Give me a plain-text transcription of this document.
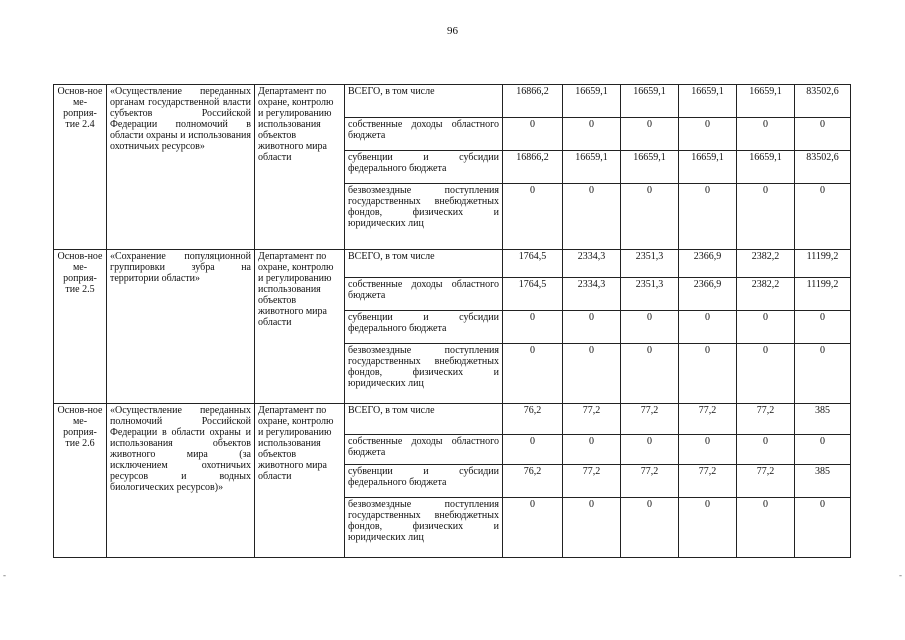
96
Основ-ное ме-роприя-тие 2.4	«Осуществление переданных органам государственной власти субъектов Российской Федерации полномочий в области охраны и использования охотничьих ресурсов»	Департамент по охране, контролю и регулированию использования объектов животного мира области	ВСЕГО, в том числе	16866,2	16659,1	16659,1	16659,1	16659,1	83502,6
			собственные доходы областного бюджета	0	0	0	0	0	0
			субвенции и субсидии федерального бюджета	16866,2	16659,1	16659,1	16659,1	16659,1	83502,6
			безвозмездные поступления государственных внебюджетных фондов, физических и юридических лиц	0	0	0	0	0	0
Основ-ное ме-роприя-тие 2.5	«Сохранение популяционной группировки зубра на территории области»	Департамент по охране, контролю и регулированию использования объектов животного мира области	ВСЕГО, в том числе	1764,5	2334,3	2351,3	2366,9	2382,2	11199,2
			собственные доходы областного бюджета	1764,5	2334,3	2351,3	2366,9	2382,2	11199,2
			субвенции и субсидии федерального бюджета	0	0	0	0	0	0
			безвозмездные поступления государственных внебюджетных фондов, физических и юридических лиц	0	0	0	0	0	0
Основ-ное ме-роприя-тие 2.6	«Осуществление переданных полномочий Российской Федерации в области охраны и использования объектов животного мира (за исключением охотничьих ресурсов и водных биологических ресурсов)»	Департамент по охране, контролю и регулированию использования объектов животного мира области	ВСЕГО, в том числе	76,2	77,2	77,2	77,2	77,2	385
			собственные доходы областного бюджета	0	0	0	0	0	0
			субвенции и субсидии федерального бюджета	76,2	77,2	77,2	77,2	77,2	385
			безвозмездные поступления государственных внебюджетных фондов, физических и юридических лиц	0	0	0	0	0	0
-	-
